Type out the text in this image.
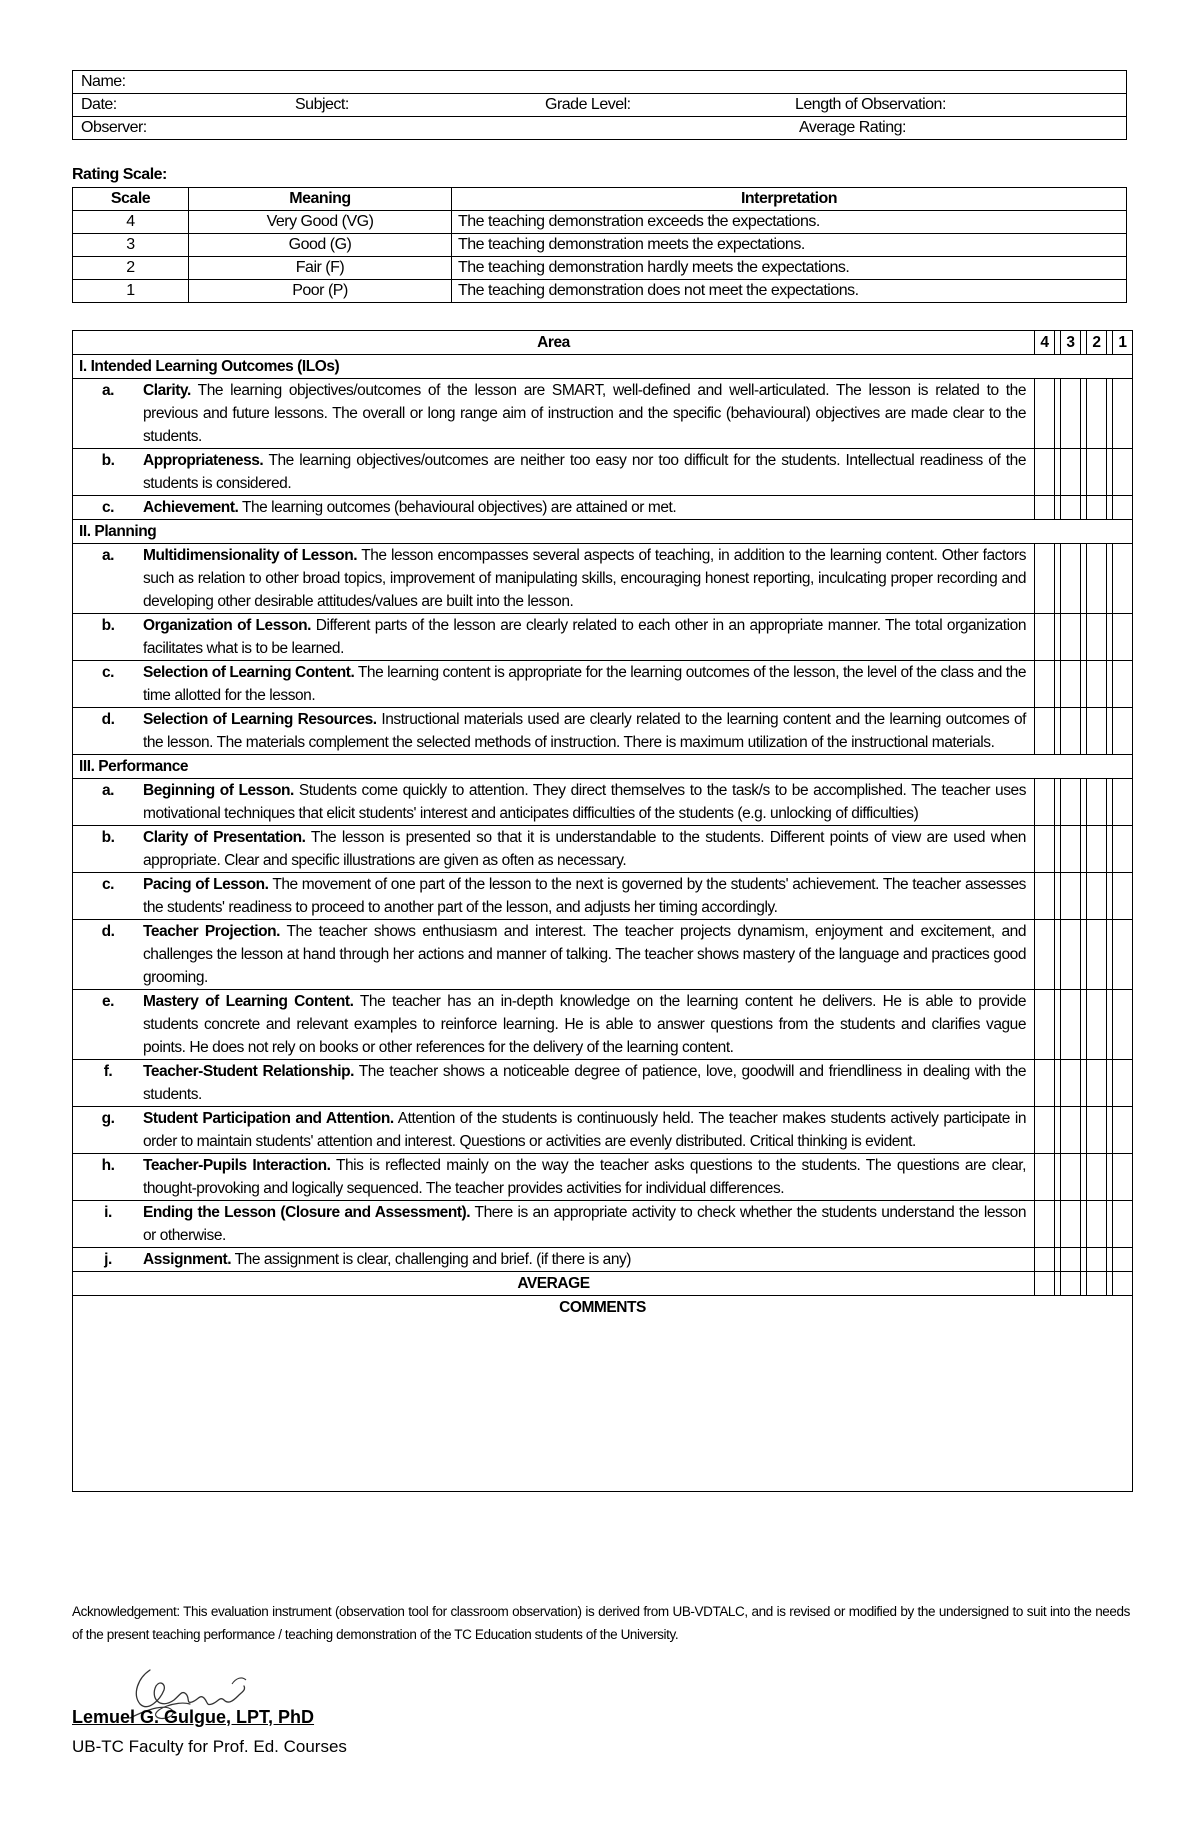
Name:
Date:	Subject:	Grade Level:	Length of Observation:
Observer:	Average Rating:
Rating Scale:
Scale	Meaning	Interpretation
4	Very Good (VG)	The teaching demonstration exceeds the expectations.
3	Good (G)	The teaching demonstration meets the expectations.
2	Fair (F)	The teaching demonstration hardly meets the expectations.
1	Poor (P)	The teaching demonstration does not meet the expectations.
Area	4		3		2		1
I. Intended Learning Outcomes (ILOs)							

a. Clarity. The learning objectives/outcomes of the lesson are SMART, well-defined and well-articulated. The lesson is related to the previous and future lessons. The overall or long range aim of instruction and the specific (behavioural) objectives are made clear to the students.							

b. Appropriateness. The learning objectives/outcomes are neither too easy nor too difficult for the students. Intellectual readiness of the students is considered.							

c. Achievement. The learning outcomes (behavioural objectives) are attained or met.							

II. Planning							

a. Multidimensionality of Lesson. The lesson encompasses several aspects of teaching, in addition to the learning content. Other factors such as relation to other broad topics, improvement of manipulating skills, encouraging honest reporting, inculcating proper recording and developing other desirable attitudes/values are built into the lesson.							

b. Organization of Lesson. Different parts of the lesson are clearly related to each other in an appropriate manner. The total organization facilitates what is to be learned.							

c. Selection of Learning Content. The learning content is appropriate for the learning outcomes of the lesson, the level of the class and the time allotted for the lesson.							

d. Selection of Learning Resources. Instructional materials used are clearly related to the learning content and the learning outcomes of the lesson. The materials complement the selected methods of instruction. There is maximum utilization of the instructional materials.							

III. Performance							

a. Beginning of Lesson. Students come quickly to attention. They direct themselves to the task/s to be accomplished. The teacher uses motivational techniques that elicit students' interest and anticipates difficulties of the students (e.g. unlocking of difficulties)							

b. Clarity of Presentation. The lesson is presented so that it is understandable to the students. Different points of view are used when appropriate. Clear and specific illustrations are given as often as necessary.							

c. Pacing of Lesson. The movement of one part of the lesson to the next is governed by the students' achievement. The teacher assesses the students' readiness to proceed to another part of the lesson, and adjusts her timing accordingly.							

d. Teacher Projection. The teacher shows enthusiasm and interest. The teacher projects dynamism, enjoyment and excitement, and challenges the lesson at hand through her actions and manner of talking. The teacher shows mastery of the language and practices good grooming.							

e. Mastery of Learning Content. The teacher has an in-depth knowledge on the learning content he delivers. He is able to provide students concrete and relevant examples to reinforce learning. He is able to answer questions from the students and clarifies vague points. He does not rely on books or other references for the delivery of the learning content.							

f. Teacher-Student Relationship. The teacher shows a noticeable degree of patience, love, goodwill and friendliness in dealing with the students.							

g. Student Participation and Attention. Attention of the students is continuously held. The teacher makes students actively participate in order to maintain students' attention and interest. Questions or activities are evenly distributed. Critical thinking is evident.							

h. Teacher-Pupils Interaction. This is reflected mainly on the way the teacher asks questions to the students. The questions are clear, thought-provoking and logically sequenced. The teacher provides activities for individual differences.							

i. Ending the Lesson (Closure and Assessment). There is an appropriate activity to check whether the students understand the lesson or otherwise.							

j. Assignment. The assignment is clear, challenging and brief. (if there is any)							

AVERAGE							
COMMENTS							
Acknowledgement: This evaluation instrument (observation tool for classroom observation) is derived from UB-VDTALC, and is revised or modified by the undersigned to suit into the needs of the present teaching performance / teaching demonstration of the TC Education students of the University.
Lemuel G. Gulgue, LPT, PhD
UB-TC Faculty for Prof. Ed. Courses
